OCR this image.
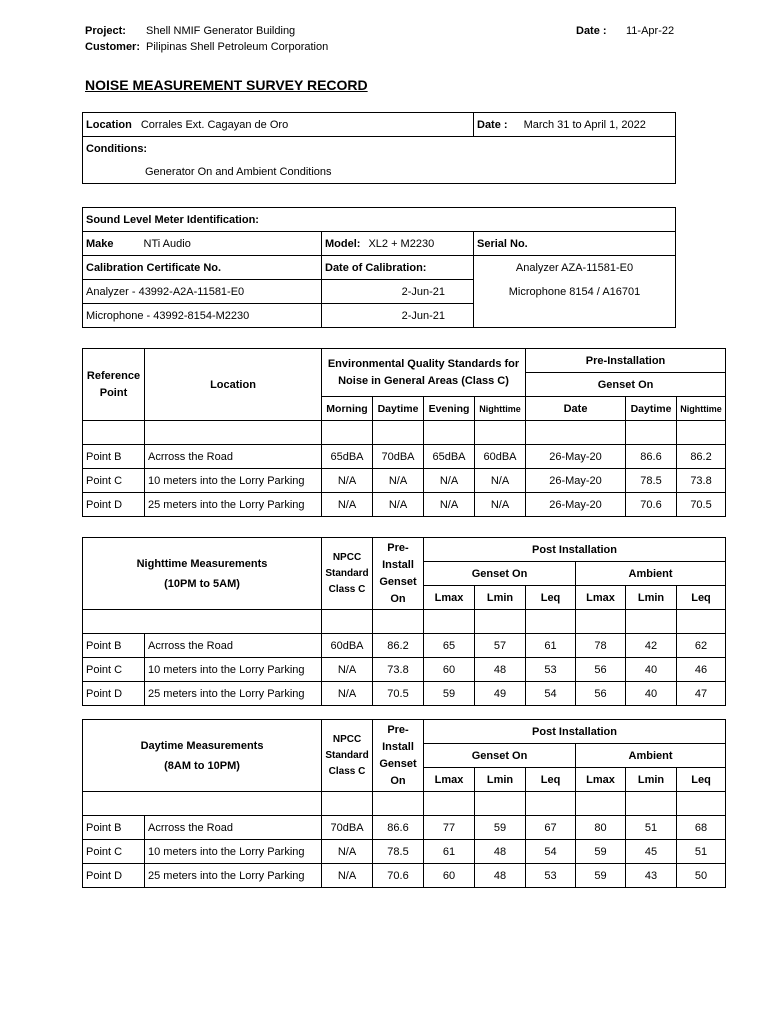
Project: Shell NMIF Generator Building
Customer: Pilipinas Shell Petroleum Corporation
Date : 11-Apr-22
NOISE MEASUREMENT SURVEY RECORD
Location Corrales Ext. Cagayan de Oro	Date : March 31 to April 1, 2022
Conditions:
Generator On and Ambient Conditions
Sound Level Meter Identification:		
Make NTi Audio	Model: XL2 + M2230	Serial No.
Calibration Certificate No.	Date of Calibration:	Analyzer AZA-11581-E0
Analyzer - 43992-A2A-11581-E0	2-Jun-21	Microphone 8154 / A16701
Microphone - 43992-8154-M2230	2-Jun-21	
Reference Point	Location	Environmental Quality Standards for Noise in General Areas (Class C)				Pre-Installation		
						Genset On		
		Morning	Daytime	Evening	Nighttime	Date	Daytime	Nighttime

Point B	Acrross the Road	65dBA	70dBA	65dBA	60dBA	26-May-20	86.6	86.2
Point C	10 meters into the Lorry Parking	N/A	N/A	N/A	N/A	26-May-20	78.5	73.8
Point D	25 meters into the Lorry Parking	N/A	N/A	N/A	N/A	26-May-20	70.6	70.5
Nighttime Measurements
(10PM to 5AM)		NPCC Standard Class C	Pre-Install Genset On	Post Installation					
				Genset On			Ambient		
				Lmax	Lmin	Leq	Lmax	Lmin	Leq

Point B	Acrross the Road	60dBA	86.2	65	57	61	78	42	62
Point C	10 meters into the Lorry Parking	N/A	73.8	60	48	53	56	40	46
Point D	25 meters into the Lorry Parking	N/A	70.5	59	49	54	56	40	47
Daytime Measurements
(8AM to 10PM)		NPCC Standard Class C	Pre-Install Genset On	Post Installation					
				Genset On			Ambient		
				Lmax	Lmin	Leq	Lmax	Lmin	Leq

Point B	Acrross the Road	70dBA	86.6	77	59	67	80	51	68
Point C	10 meters into the Lorry Parking	N/A	78.5	61	48	54	59	45	51
Point D	25 meters into the Lorry Parking	N/A	70.6	60	48	53	59	43	50
